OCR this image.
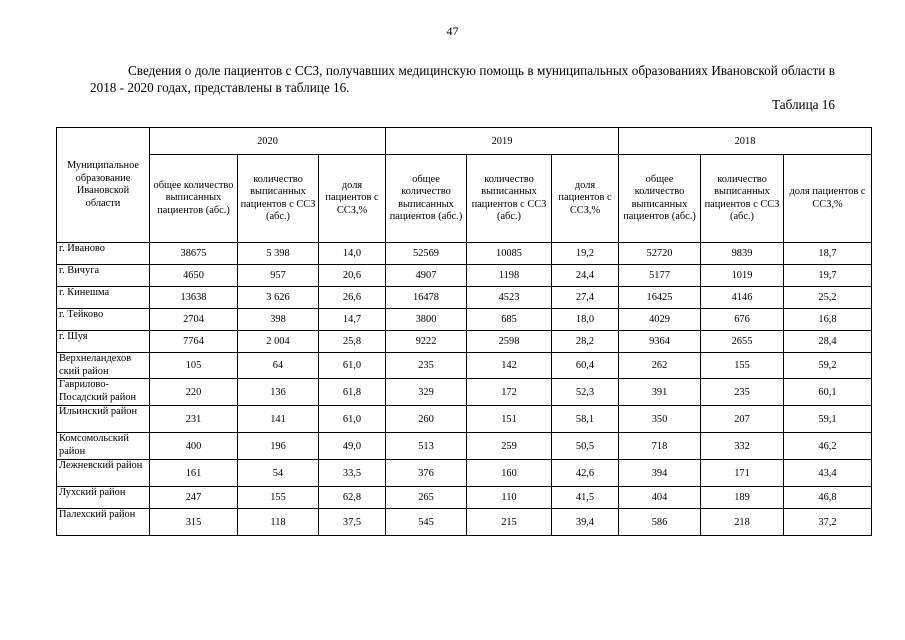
47

Сведения о доле пациентов с ССЗ, получавших медицинскую помощь в муниципальных образованиях Ивановской области в 2018 - 2020 годах, представлены в таблице 16.

Таблица 16
Муниципальное образование Ивановской области	2020			2019			2018		
	общее количество выписанных пациентов (абс.)	количество выписанных пациентов с ССЗ (абс.)	доля пациентов с ССЗ,%	общее количество выписанных пациентов (абс.)	количество выписанных пациентов с ССЗ (абс.)	доля пациентов с ССЗ,%	общее количество выписанных пациентов (абс.)	количество выписанных пациентов с ССЗ (абс.)	доля пациентов с ССЗ,%
г. Иваново	38675	5 398	14,0	52569	10085	19,2	52720	9839	18,7
г. Вичуга	4650	957	20,6	4907	1198	24,4	5177	1019	19,7
г. Кинешма	13638	3 626	26,6	16478	4523	27,4	16425	4146	25,2
г. Тейково	2704	398	14,7	3800	685	18,0	4029	676	16,8
г. Шуя	7764	2 004	25,8	9222	2598	28,2	9364	2655	28,4
Верхнеландехов ский район	105	64	61,0	235	142	60,4	262	155	59,2
Гаврилово-Посадский район	220	136	61,8	329	172	52,3	391	235	60,1
Ильинский район	231	141	61,0	260	151	58,1	350	207	59,1
Комсомольский район	400	196	49,0	513	259	50,5	718	332	46,2
Лежневский район	161	54	33,5	376	160	42,6	394	171	43,4
Лухский район	247	155	62,8	265	110	41,5	404	189	46,8
Палехский район	315	118	37,5	545	215	39,4	586	218	37,2
